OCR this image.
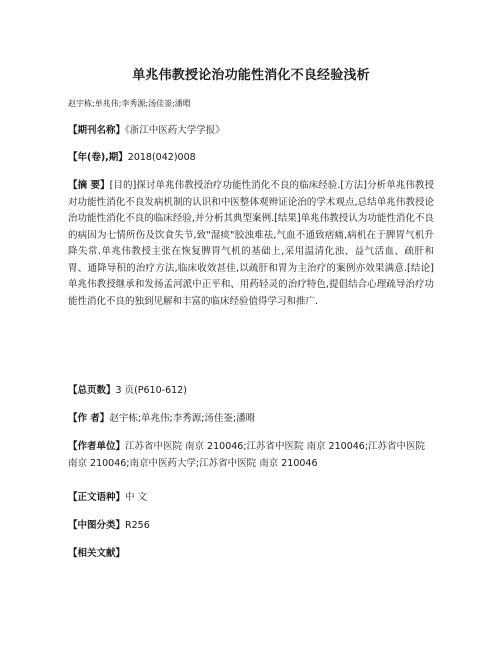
单兆伟教授论治功能性消化不良经验浅析
赵宇栋;单兆伟;李秀源;汤佳崟;潘嗗
【期刊名称】《浙江中医药大学学报》
【年(卷),期】2018(042)008
【摘 要】[目的]探讨单兆伟教授治疗功能性消化不良的临床经验.[方法]分析单兆伟教授对功能性消化不良发病机制的认识和中医整体观辨证论治的学术观点,总结单兆伟教授论治功能性消化不良的临床经验,并分析其典型案例.[结果]单兆伟教授认为功能性消化不良的病因为七情所伤及饮食失节,致"湿痰"胶浊难祛,气血不通致痞痛,病机在于脾胃气机升降失常.单兆伟教授主张在恢复脾胃气机的基础上,采用温清化浊、益气活血、疏肝和胃、通降导积的治疗方法,临床收效甚佳,以疏肝和胃为主治疗的案例亦效果满意.[结论]单兆伟教授继承和发扬孟河派中正平和、用药轻灵的治疗特色,提倡结合心理疏导治疗功能性消化不良的独到见解和丰富的临床经验值得学习和推广.
【总页数】3 页(P610-612)
【作 者】赵宇栋;单兆伟;李秀源;汤佳崟;潘嗗
【作者单位】江苏省中医院 南京 210046;江苏省中医院 南京 210046;江苏省中医院 南京 210046;南京中医药大学;江苏省中医院 南京 210046
【正文语种】中 文
【中图分类】R256
【相关文献】
